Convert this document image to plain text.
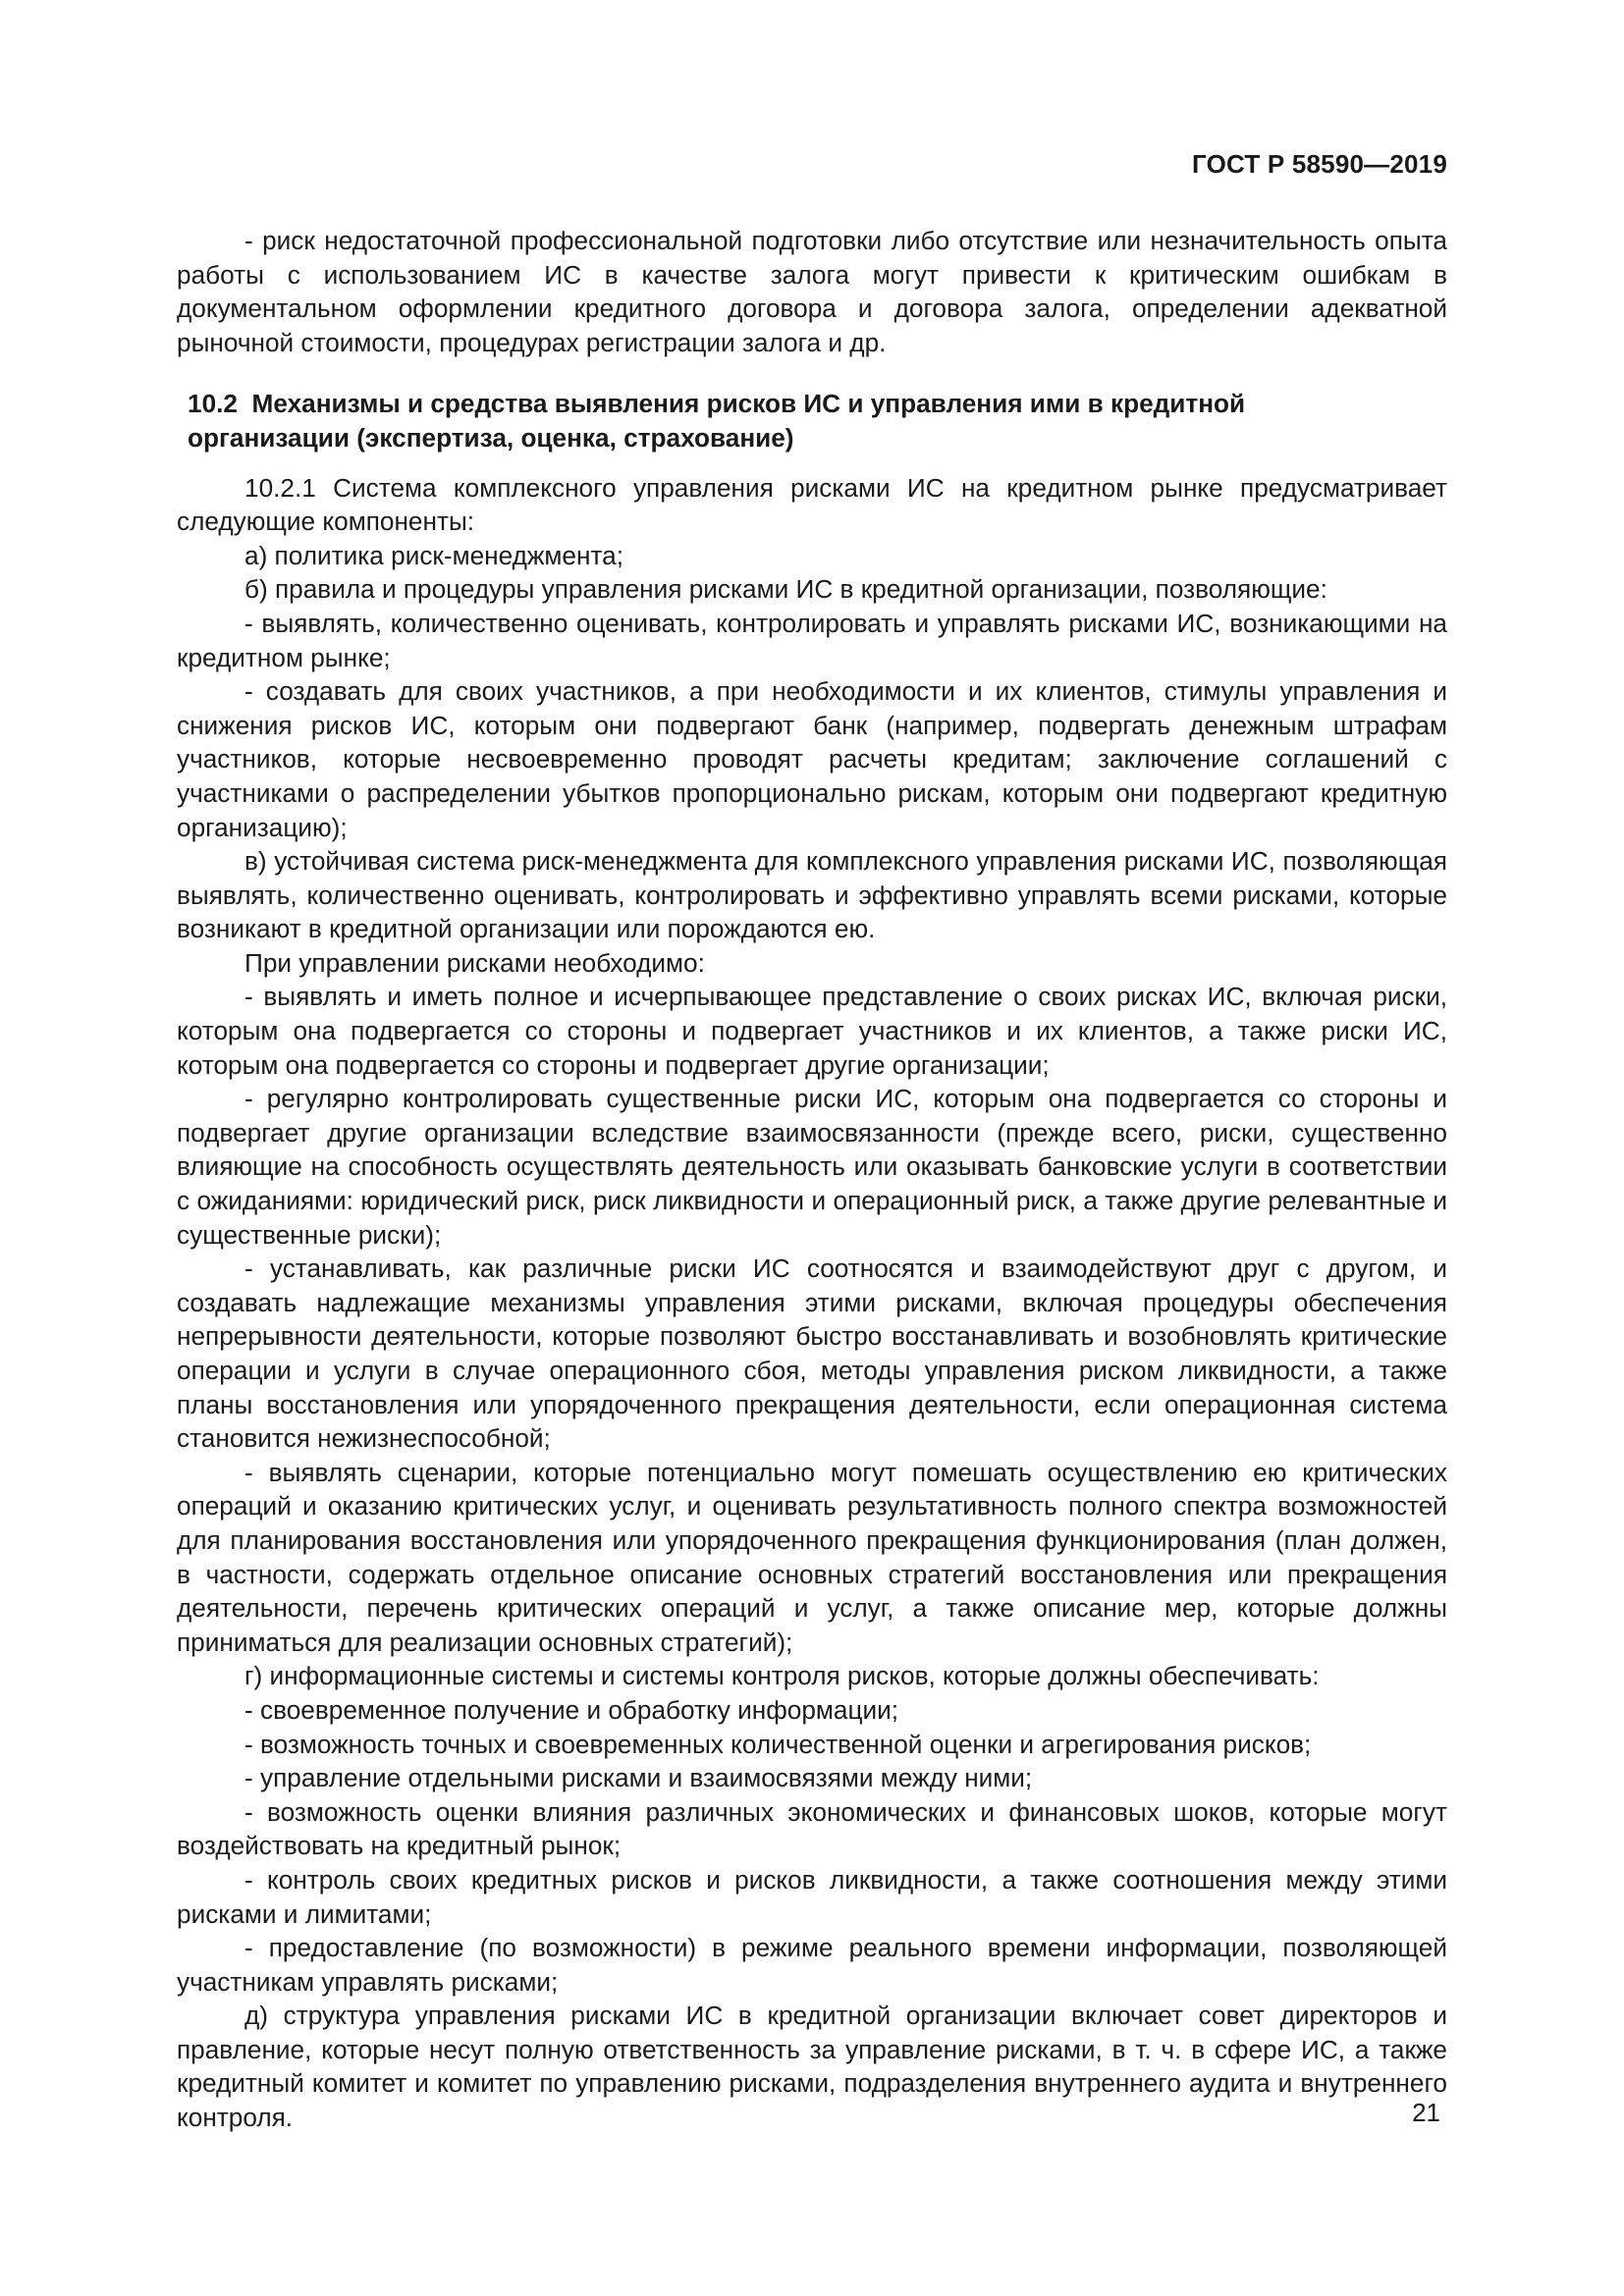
ГОСТ Р 58590—2019

- риск недостаточной профессиональной подготовки либо отсутствие или незначительность опыта работы с использованием ИС в качестве залога могут привести к критическим ошибкам в документальном оформлении кредитного договора и договора залога, определении адекватной рыночной стоимости, процедурах регистрации залога и др.

10.2 Механизмы и средства выявления рисков ИС и управления ими в кредитной
организации (экспертиза, оценка, страхование)

10.2.1 Система комплексного управления рисками ИС на кредитном рынке предусматривает следующие компоненты:

а) политика риск-менеджмента;

б) правила и процедуры управления рисками ИС в кредитной организации, позволяющие:

- выявлять, количественно оценивать, контролировать и управлять рисками ИС, возникающими на кредитном рынке;

- создавать для своих участников, а при необходимости и их клиентов, стимулы управления и снижения рисков ИС, которым они подвергают банк (например, подвергать денежным штрафам участников, которые несвоевременно проводят расчеты кредитам; заключение соглашений с участниками о распределении убытков пропорционально рискам, которым они подвергают кредитную организацию);

в) устойчивая система риск-менеджмента для комплексного управления рисками ИС, позволяющая выявлять, количественно оценивать, контролировать и эффективно управлять всеми рисками, которые возникают в кредитной организации или порождаются ею.

При управлении рисками необходимо:

- выявлять и иметь полное и исчерпывающее представление о своих рисках ИС, включая риски, которым она подвергается со стороны и подвергает участников и их клиентов, а также риски ИС, которым она подвергается со стороны и подвергает другие организации;

- регулярно контролировать существенные риски ИС, которым она подвергается со стороны и подвергает другие организации вследствие взаимосвязанности (прежде всего, риски, существенно влияющие на способность осуществлять деятельность или оказывать банковские услуги в соответствии с ожиданиями: юридический риск, риск ликвидности и операционный риск, а также другие релевантные и существенные риски);

- устанавливать, как различные риски ИС соотносятся и взаимодействуют друг с другом, и создавать надлежащие механизмы управления этими рисками, включая процедуры обеспечения непрерывности деятельности, которые позволяют быстро восстанавливать и возобновлять критические операции и услуги в случае операционного сбоя, методы управления риском ликвидности, а также планы восстановления или упорядоченного прекращения деятельности, если операционная система становится нежизнеспособной;

- выявлять сценарии, которые потенциально могут помешать осуществлению ею критических операций и оказанию критических услуг, и оценивать результативность полного спектра возможностей для планирования восстановления или упорядоченного прекращения функционирования (план должен, в частности, содержать отдельное описание основных стратегий восстановления или прекращения деятельности, перечень критических операций и услуг, а также описание мер, которые должны приниматься для реализации основных стратегий);

г) информационные системы и системы контроля рисков, которые должны обеспечивать:

- своевременное получение и обработку информации;

- возможность точных и своевременных количественной оценки и агрегирования рисков;

- управление отдельными рисками и взаимосвязями между ними;

- возможность оценки влияния различных экономических и финансовых шоков, которые могут воздействовать на кредитный рынок;

- контроль своих кредитных рисков и рисков ликвидности, а также соотношения между этими рисками и лимитами;

- предоставление (по возможности) в режиме реального времени информации, позволяющей участникам управлять рисками;

д) структура управления рисками ИС в кредитной организации включает совет директоров и правление, которые несут полную ответственность за управление рисками, в т. ч. в сфере ИС, а также кредитный комитет и комитет по управлению рисками, подразделения внутреннего аудита и внутреннего контроля.	21
